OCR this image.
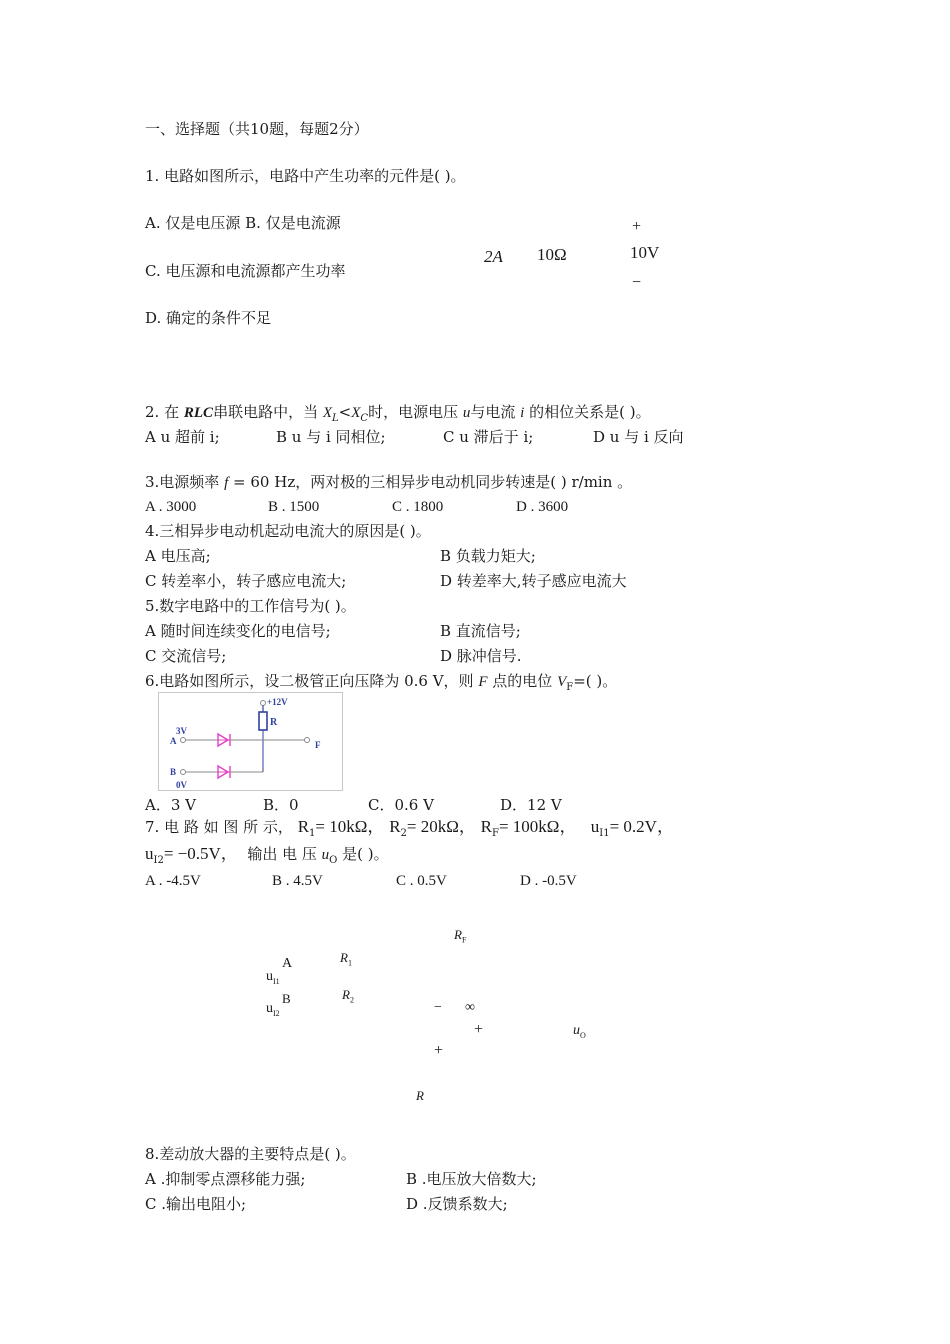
一、选择题（共10题，每题2分）
1. 电路如图所示，电路中产生功率的元件是( )。
A. 仅是电压源 B. 仅是电流源
C. 电压源和电流源都产生功率
D. 确定的条件不足
+
2A 10Ω	10V
−
2. 在 RLC串联电路中，当 $X_L<X_C$时，电源电压 u与电流 i 的相位关系是( )。
A u 超前 i;	B u 与 i 同相位;	C u 滞后于 i;	D u 与 i 反向
3.电源频率 f = 60 Hz，两对极的三相异步电动机同步转速是( ) r/min 。
A . 3000	B . 1500	C . 1800	D . 3600
4.三相异步电动机起动电流大的原因是( )。
A 电压高;	B 负载力矩大;
C 转差率小，转子感应电流大;	D 转差率大,转子感应电流大
5.数字电路中的工作信号为( )。
A 随时间连续变化的电信号;	B 直流信号;
C 交流信号;	D 脉冲信号.
6.电路如图所示，设二极管正向压降为 0.6 V，则 F 点的电位 $V_F=$( )。
+12V
R
3V
A	F
B
0V
A．3 V	B．0	C．0.6 V	D．12 V
7. 电 路 如 图 所 示， $R_1= 10k\Omega$， $R_2= 20k\Omega$， $R_F= 100k\Omega$， $u_{I1}= 0.2V$，
$u_{I2}= -0.5V$， 输出 电 压 $u_O$ 是( )。
A . -4.5V	B . 4.5V	C . 0.5V	D . -0.5V
$R_F$
A	$R_1$
$u_{I1}$
B	$R_2$
$u_{I2}$	− ∞
+	$u_O$
+
R
8.差动放大器的主要特点是( )。
A .抑制零点漂移能力强;	B .电压放大倍数大;
C .输出电阻小;	D .反馈系数大;
